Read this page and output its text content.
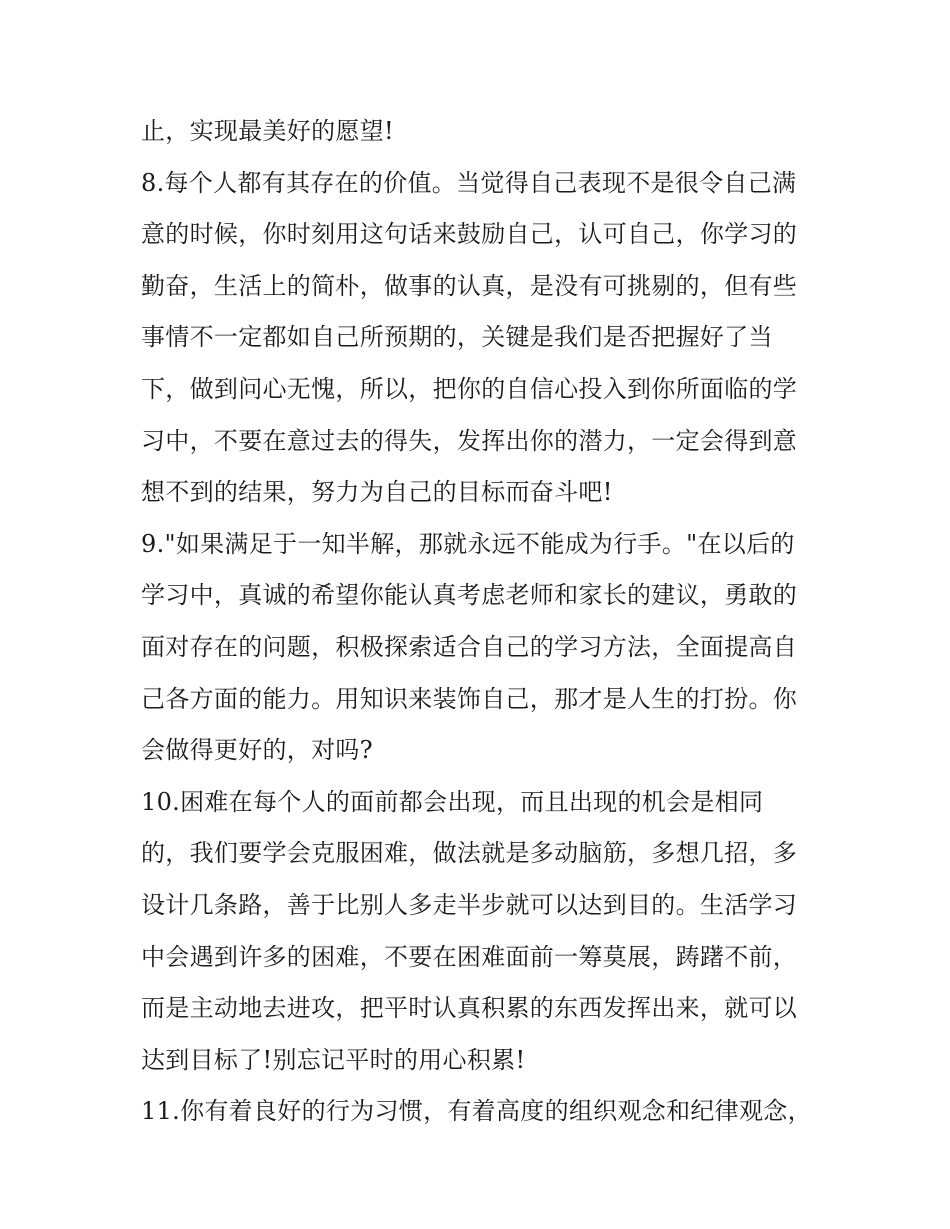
止，实现最美好的愿望!
8.每个人都有其存在的价值。当觉得自己表现不是很令自己满
意的时候，你时刻用这句话来鼓励自己，认可自己，你学习的
勤奋，生活上的简朴，做事的认真，是没有可挑剔的，但有些
事情不一定都如自己所预期的，关键是我们是否把握好了当
下，做到问心无愧，所以，把你的自信心投入到你所面临的学
习中，不要在意过去的得失，发挥出你的潜力，一定会得到意
想不到的结果，努力为自己的目标而奋斗吧!
9."如果满足于一知半解，那就永远不能成为行手。"在以后的
学习中，真诚的希望你能认真考虑老师和家长的建议，勇敢的
面对存在的问题，积极探索适合自己的学习方法，全面提高自
己各方面的能力。用知识来装饰自己，那才是人生的打扮。你
会做得更好的，对吗?
10.困难在每个人的面前都会出现，而且出现的机会是相同
的，我们要学会克服困难，做法就是多动脑筋，多想几招，多
设计几条路，善于比别人多走半步就可以达到目的。生活学习
中会遇到许多的困难，不要在困难面前一筹莫展，踌躇不前，
而是主动地去进攻，把平时认真积累的东西发挥出来，就可以
达到目标了!别忘记平时的用心积累!
11.你有着良好的行为习惯，有着高度的组织观念和纪律观念，
